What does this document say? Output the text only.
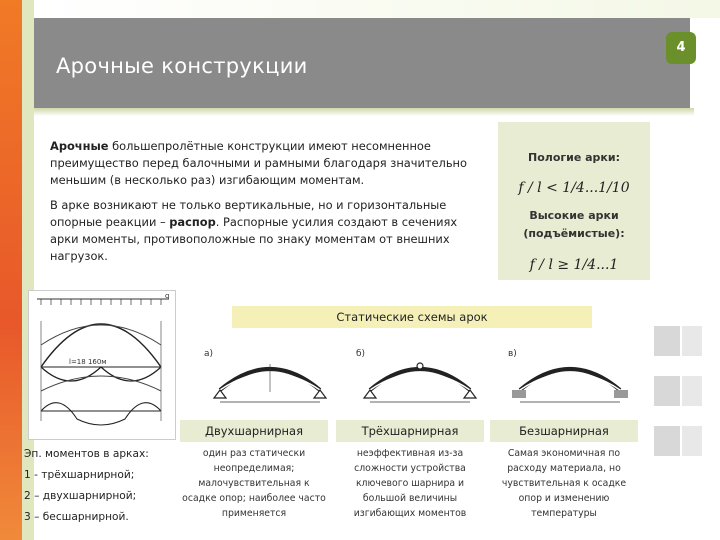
Арочные конструкции
4
Арочные большепролётные конструкции имеют несомненное преимущество перед балочными и рамными благодаря значительно меньшим (в несколько раз) изгибающим моментам.
В арке возникают не только вертикальные, но и горизонтальные опорные реакции – распор. Распорные усилия создают в сечениях арки моменты, противоположные по знаку моментам от внешних нагрузок.
Пологие арки:
f / l < 1/4...1/10
Высокие арки
(подъёмистые):
f / l ≥ 1/4...1
q
l=18 160м
Статические схемы арок
а)	б)	в)
Двухшарнирная	Трёхшарнирная	Безшарнирная
один раз статически неопределимая; малочувствительная к осадке опор; наиболее часто применяется
неэффективная из-за сложности устройства ключевого шарнира и большой величины изгибающих моментов
Самая экономичная по расходу материала, но чувствительная к осадке опор и изменению температуры
Эп. моментов в арках:
1 - трёхшарнирной;
2 – двухшарнирной;
3 – бесшарнирной.
